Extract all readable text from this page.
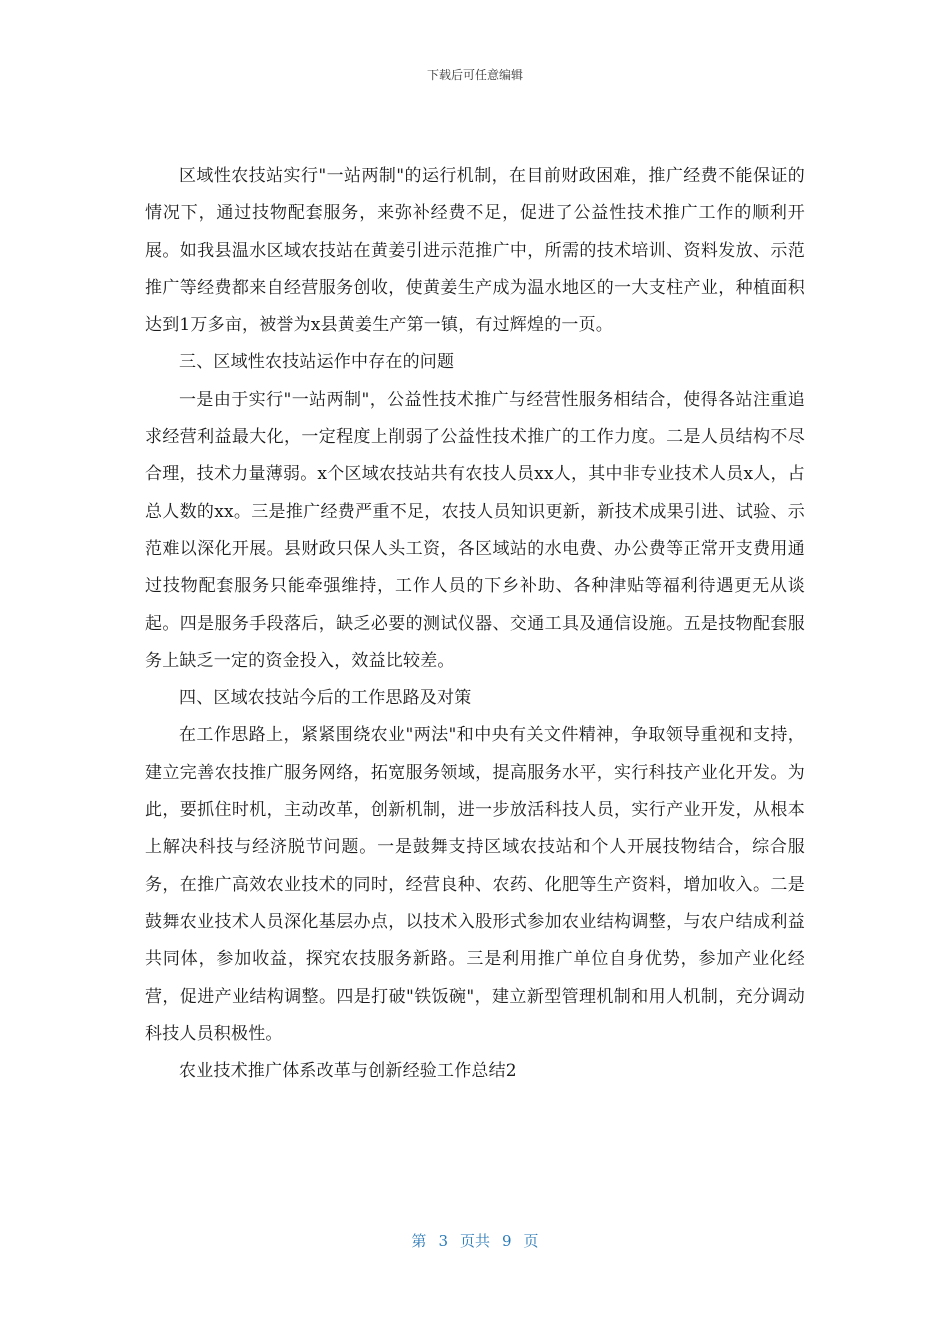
下载后可任意编辑

区域性农技站实行"一站两制"的运行机制，在目前财政困难，推广经费不能保证的情况下，通过技物配套服务，来弥补经费不足，促进了公益性技术推广工作的顺利开展。如我县温水区域农技站在黄姜引进示范推广中，所需的技术培训、资料发放、示范推广等经费都来自经营服务创收，使黄姜生产成为温水地区的一大支柱产业，种植面积达到1万多亩，被誉为x县黄姜生产第一镇，有过辉煌的一页。

三、区域性农技站运作中存在的问题

一是由于实行"一站两制"，公益性技术推广与经营性服务相结合，使得各站注重追求经营利益最大化，一定程度上削弱了公益性技术推广的工作力度。二是人员结构不尽合理，技术力量薄弱。x个区域农技站共有农技人员xx人，其中非专业技术人员x人，占总人数的xx。三是推广经费严重不足，农技人员知识更新，新技术成果引进、试验、示范难以深化开展。县财政只保人头工资，各区域站的水电费、办公费等正常开支费用通过技物配套服务只能牵强维持，工作人员的下乡补助、各种津贴等福利待遇更无从谈起。四是服务手段落后，缺乏必要的测试仪器、交通工具及通信设施。五是技物配套服务上缺乏一定的资金投入，效益比较差。

四、区域农技站今后的工作思路及对策

在工作思路上，紧紧围绕农业"两法"和中央有关文件精神，争取领导重视和支持，建立完善农技推广服务网络，拓宽服务领域，提高服务水平，实行科技产业化开发。为此，要抓住时机，主动改革，创新机制，进一步放活科技人员，实行产业开发，从根本上解决科技与经济脱节问题。一是鼓舞支持区域农技站和个人开展技物结合，综合服务，在推广高效农业技术的同时，经营良种、农药、化肥等生产资料，增加收入。二是鼓舞农业技术人员深化基层办点，以技术入股形式参加农业结构调整，与农户结成利益共同体，参加收益，探究农技服务新路。三是利用推广单位自身优势，参加产业化经营，促进产业结构调整。四是打破"铁饭碗"，建立新型管理机制和用人机制，充分调动科技人员积极性。

农业技术推广体系改革与创新经验工作总结2

第 3 页共 9 页
